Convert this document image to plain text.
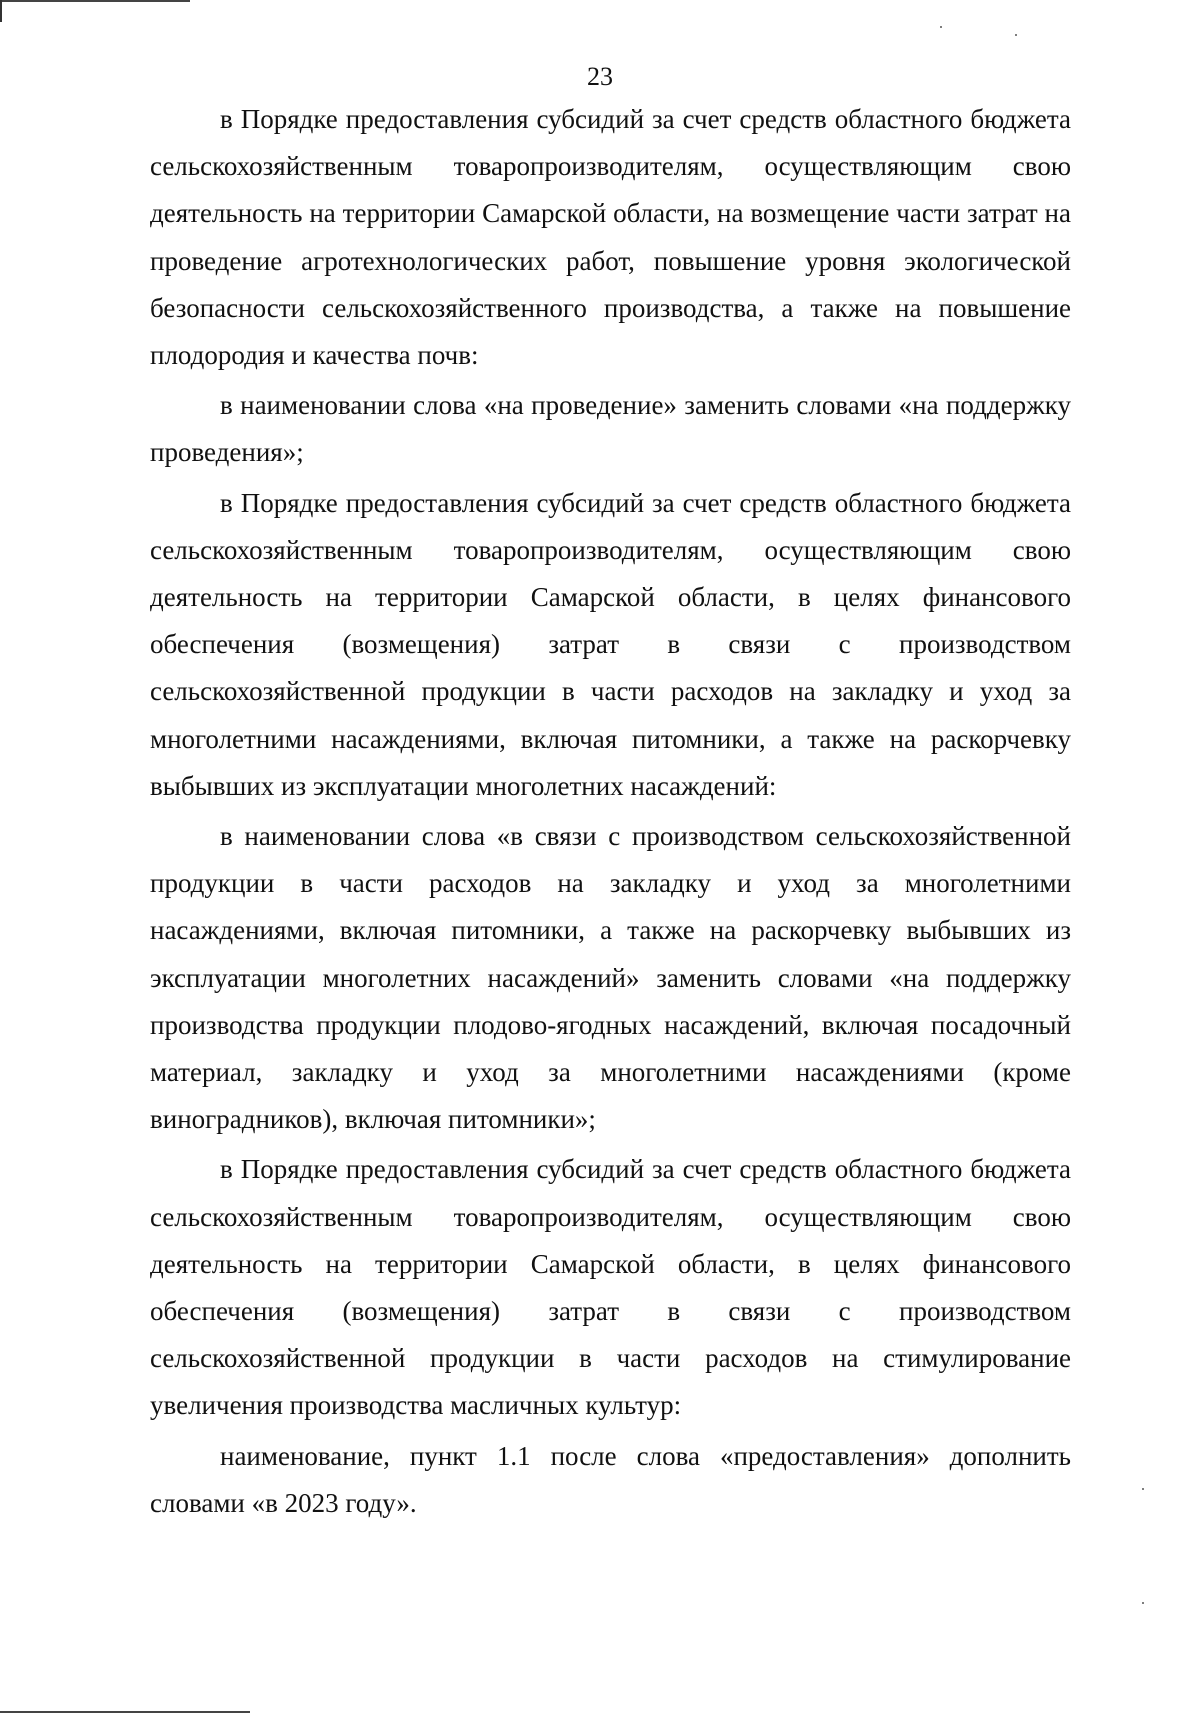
23

в Порядке предоставления субсидий за счет средств областного бюджета сельскохозяйственным товаропроизводителям, осуществляющим свою деятельность на территории Самарской области, на возмещение части затрат на проведение агротехнологических работ, повышение уровня экологической безопасности сельскохозяйственного производства, а также на повышение плодородия и качества почв:

в наименовании слова «на проведение» заменить словами «на поддержку проведения»;

в Порядке предоставления субсидий за счет средств областного бюджета сельскохозяйственным товаропроизводителям, осуществляющим свою деятельность на территории Самарской области, в целях финансового обеспечения (возмещения) затрат в связи с производством сельскохозяйственной продукции в части расходов на закладку и уход за многолетними насаждениями, включая питомники, а также на раскорчевку выбывших из эксплуатации многолетних насаждений:

в наименовании слова «в связи с производством сельскохозяйственной продукции в части расходов на закладку и уход за многолетними насаждениями, включая питомники, а также на раскорчевку выбывших из эксплуатации многолетних насаждений» заменить словами «на поддержку производства продукции плодово-ягодных насаждений, включая посадочный материал, закладку и уход за многолетними насаждениями (кроме виноградников), включая питомники»;

в Порядке предоставления субсидий за счет средств областного бюджета сельскохозяйственным товаропроизводителям, осуществляющим свою деятельность на территории Самарской области, в целях финансового обеспечения (возмещения) затрат в связи с производством сельскохозяйственной продукции в части расходов на стимулирование увеличения производства масличных культур:

наименование, пункт 1.1 после слова «предоставления» дополнить словами «в 2023 году».
